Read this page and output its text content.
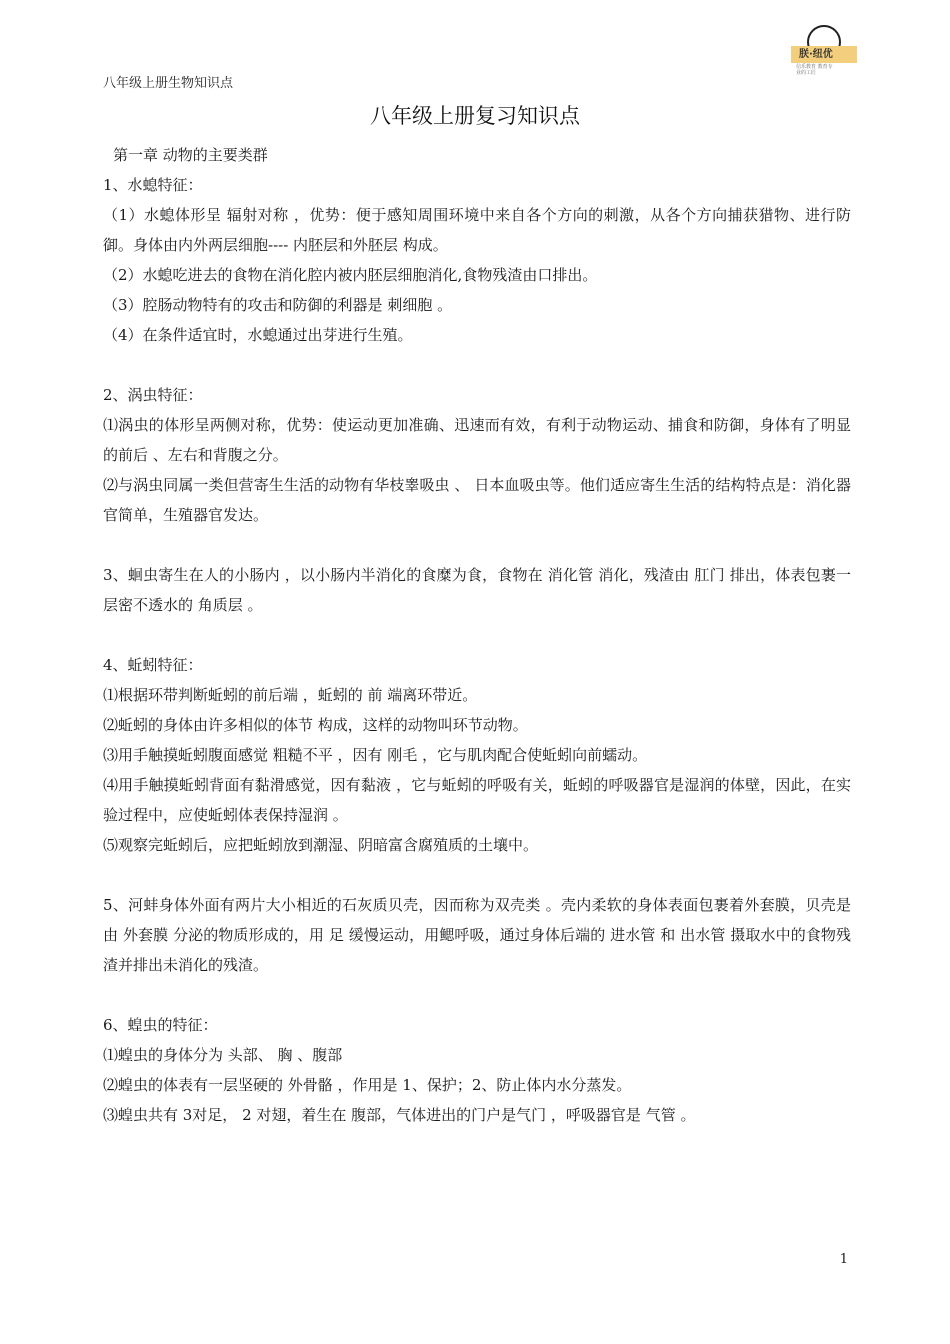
八年级上册生物知识点
朕·纽优
信乐教育 教育专业的工匠
八年级上册复习知识点

第一章 动物的主要类群

1、水螅特征：

（1）水螅体形呈 辐射对称 ，优势：便于感知周围环境中来自各个方向的刺激，从各个方向捕获猎物、进行防御。身体由内外两层细胞---- 内胚层和外胚层 构成。

（2）水螅吃进去的食物在消化腔内被内胚层细胞消化,食物残渣由口排出。

（3）腔肠动物特有的攻击和防御的利器是 刺细胞 。

（4）在条件适宜时，水螅通过出芽进行生殖。

2、涡虫特征：

⑴涡虫的体形呈两侧对称，优势：使运动更加准确、迅速而有效，有利于动物运动、捕食和防御，身体有了明显的前后 、左右和背腹之分。

⑵与涡虫同属一类但营寄生生活的动物有华枝睾吸虫 、 日本血吸虫等。他们适应寄生生活的结构特点是：消化器官简单，生殖器官发达。

3、蛔虫寄生在人的小肠内 ，以小肠内半消化的食糜为食，食物在 消化管 消化，残渣由 肛门 排出，体表包裹一层密不透水的 角质层 。

4、蚯蚓特征：

⑴根据环带判断蚯蚓的前后端 ，蚯蚓的 前 端离环带近。

⑵蚯蚓的身体由许多相似的体节 构成，这样的动物叫环节动物。

⑶用手触摸蚯蚓腹面感觉 粗糙不平 ，因有 刚毛 ，它与肌肉配合使蚯蚓向前蠕动。

⑷用手触摸蚯蚓背面有黏滑感觉，因有黏液 ，它与蚯蚓的呼吸有关，蚯蚓的呼吸器官是湿润的体壁，因此，在实验过程中，应使蚯蚓体表保持湿润 。

⑸观察完蚯蚓后，应把蚯蚓放到潮湿、阴暗富含腐殖质的土壤中。

5、河蚌身体外面有两片大小相近的石灰质贝壳，因而称为双壳类 。壳内柔软的身体表面包裹着外套膜，贝壳是由 外套膜 分泌的物质形成的，用 足 缓慢运动，用鳃呼吸，通过身体后端的 进水管 和 出水管 摄取水中的食物残渣并排出未消化的残渣。

6、蝗虫的特征：

⑴蝗虫的身体分为 头部、 胸 、腹部

⑵蝗虫的体表有一层坚硬的 外骨骼 ，作用是 1、保护；2、防止体内水分蒸发。

⑶蝗虫共有 3对足， 2 对翅，着生在 腹部，气体进出的门户是气门 ，呼吸器官是 气管 。

1
